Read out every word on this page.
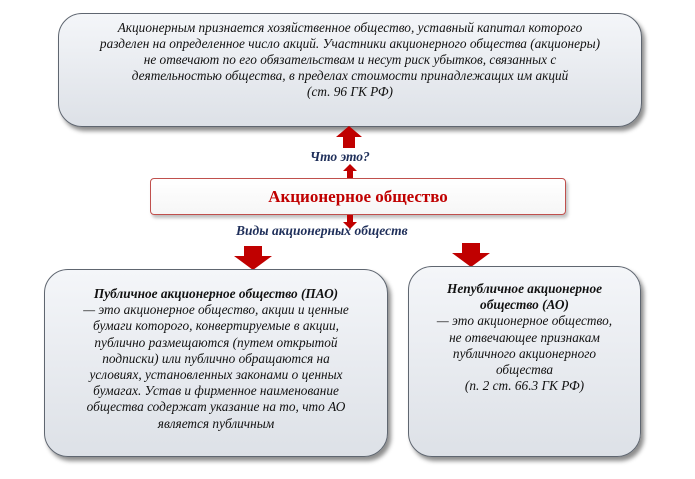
Акционерным признается хозяйственное общество, уставный капитал которого
разделен на определенное число акций. Участники акционерного общества (акционеры)
не отвечают по его обязательствам и несут риск убытков, связанных с
деятельностью общества, в пределах стоимости принадлежащих им акций
(ст. 96 ГК РФ)
Что это?
Акционерное общество
Виды акционерных обществ
Публичное акционерное общество (ПАО)
— это акционерное общество, акции и ценные
бумаги которого, конвертируемые в акции,
публично размещаются (путем открытой
подписки) или публично обращаются на
условиях, установленных законами о ценных
бумагах. Устав и фирменное наименование
общества содержат указание на то, что АО
является публичным
Непубличное акционерное
общество (АО)
— это акционерное общество,
не отвечающее признакам
публичного акционерного
общества
(п. 2 ст. 66.3 ГК РФ)
